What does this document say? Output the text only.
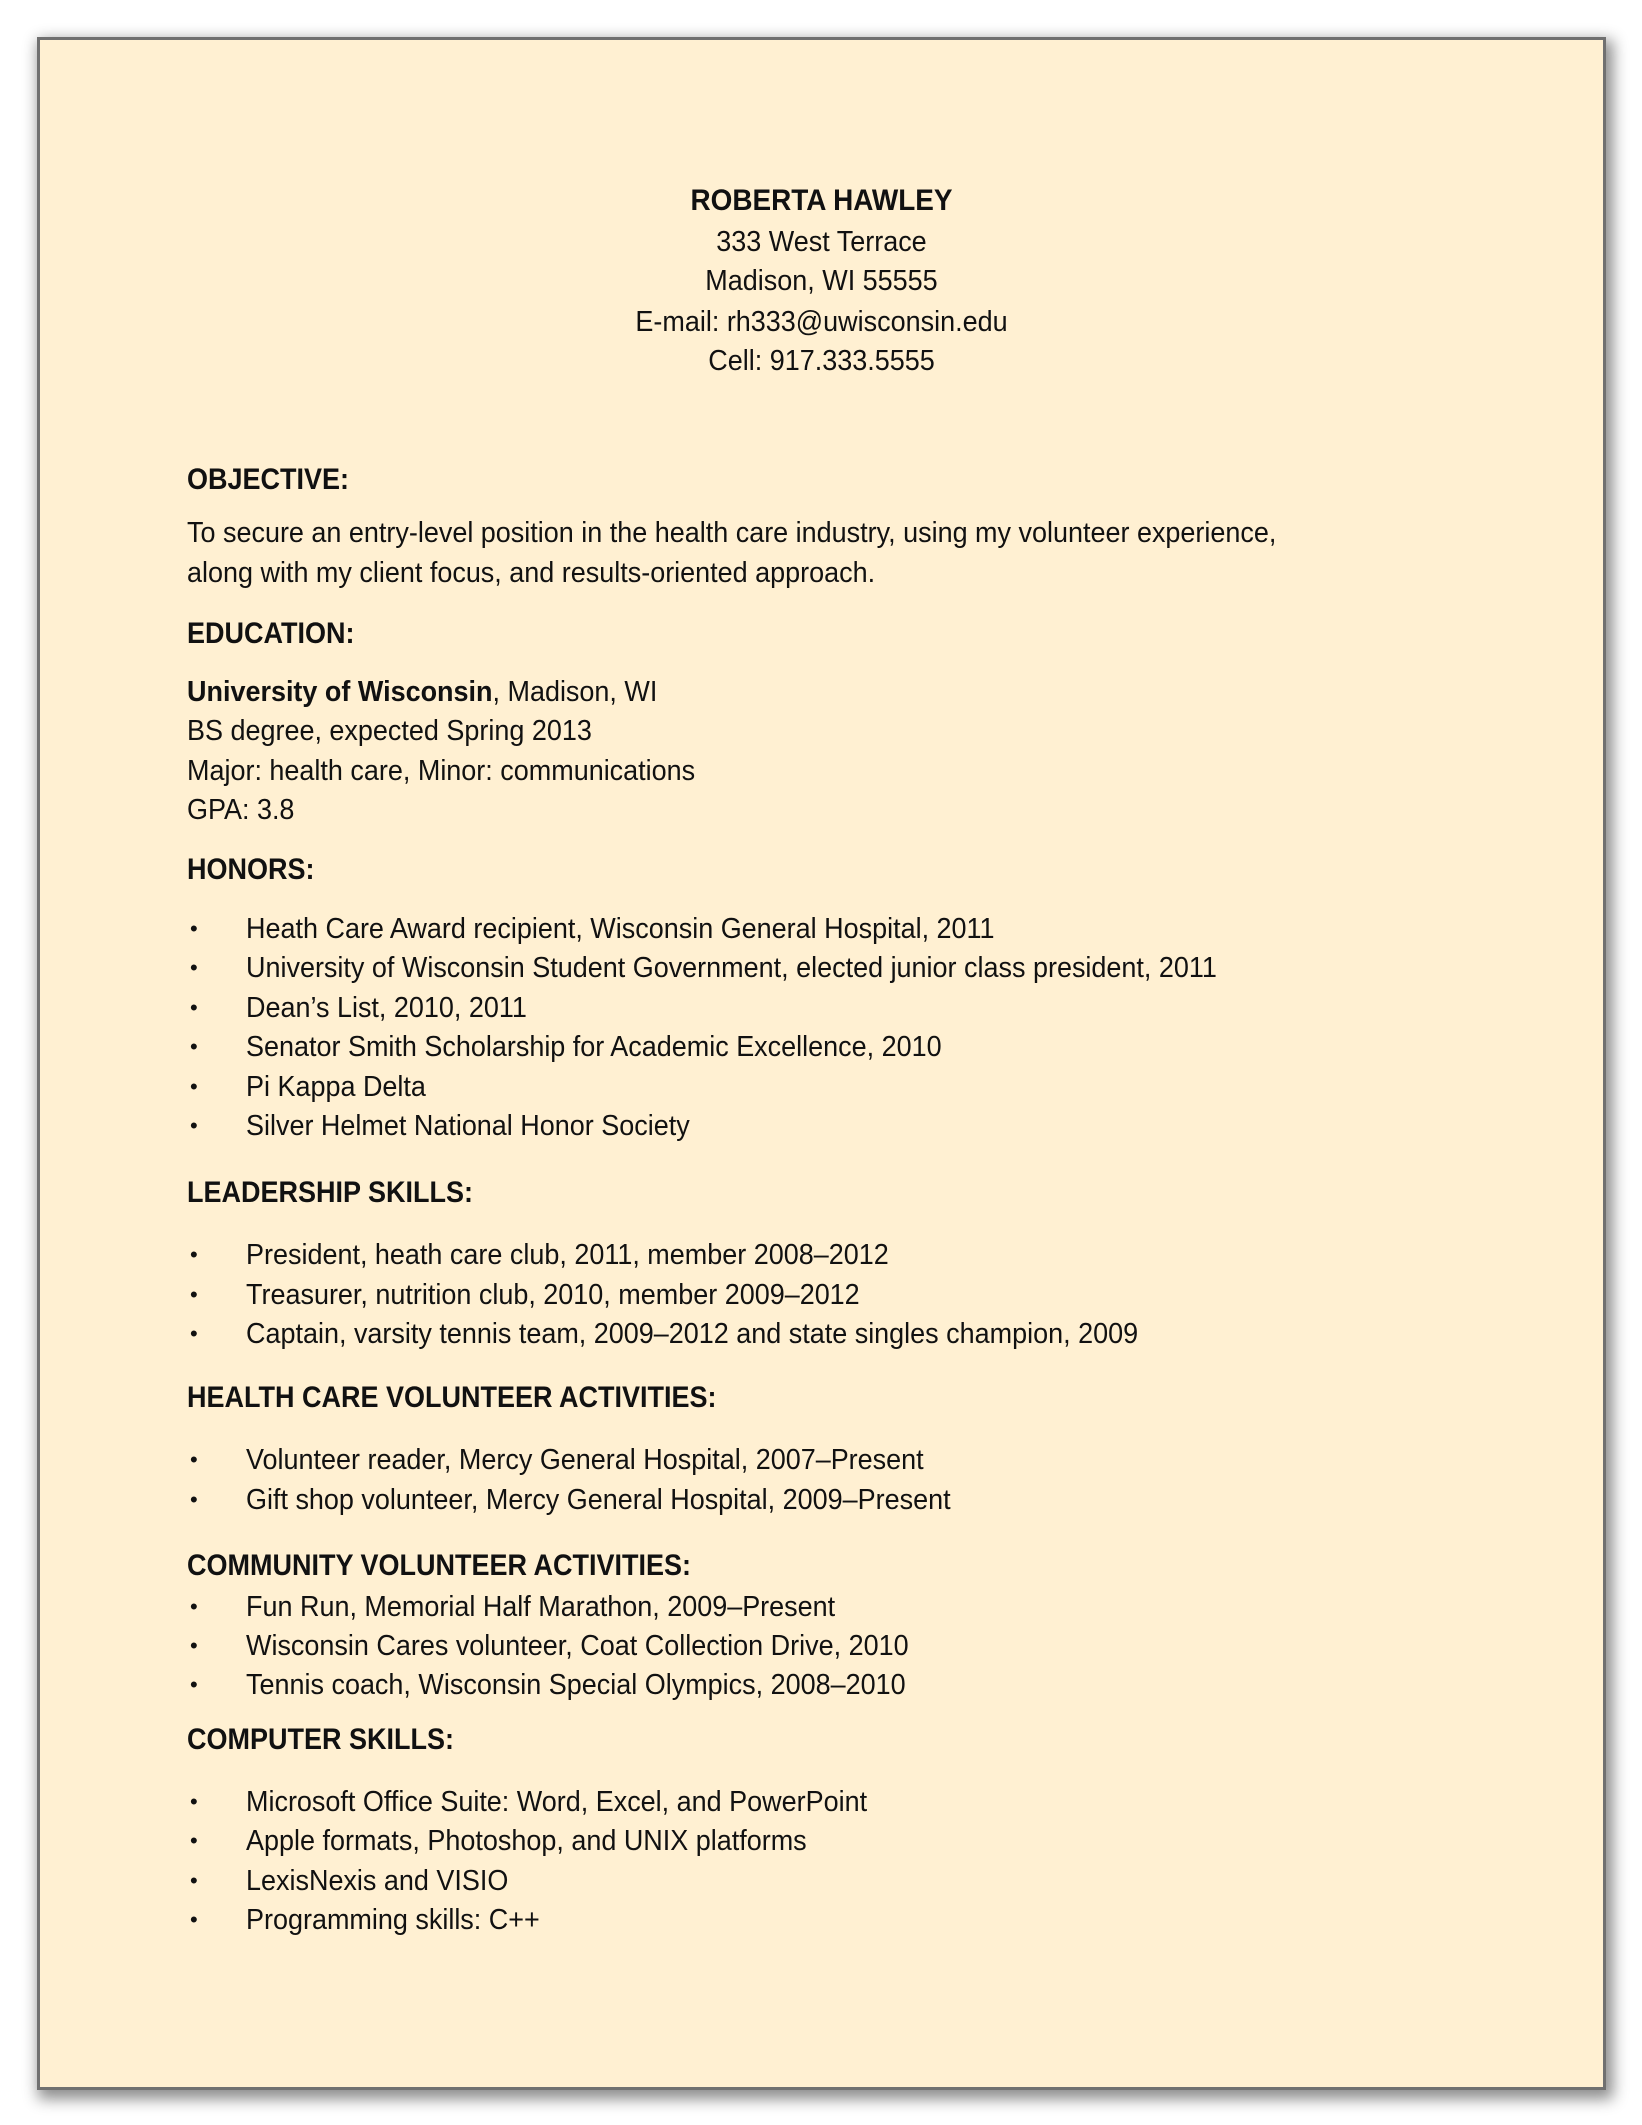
ROBERTA HAWLEY
333 West Terrace
Madison, WI 55555
E-mail: rh333@uwisconsin.edu
Cell: 917.333.5555
OBJECTIVE:
To secure an entry-level position in the health care industry, using my volunteer experience,
along with my client focus, and results-oriented approach.
EDUCATION:
University of Wisconsin, Madison, WI
BS degree, expected Spring 2013
Major: health care, Minor: communications
GPA: 3.8
HONORS:
• Heath Care Award recipient, Wisconsin General Hospital, 2011
• University of Wisconsin Student Government, elected junior class president, 2011
• Dean’s List, 2010, 2011
• Senator Smith Scholarship for Academic Excellence, 2010
• Pi Kappa Delta
• Silver Helmet National Honor Society
LEADERSHIP SKILLS:
• President, heath care club, 2011, member 2008–2012
• Treasurer, nutrition club, 2010, member 2009–2012
• Captain, varsity tennis team, 2009–2012 and state singles champion, 2009
HEALTH CARE VOLUNTEER ACTIVITIES:
• Volunteer reader, Mercy General Hospital, 2007–Present
• Gift shop volunteer, Mercy General Hospital, 2009–Present
COMMUNITY VOLUNTEER ACTIVITIES:
• Fun Run, Memorial Half Marathon, 2009–Present
• Wisconsin Cares volunteer, Coat Collection Drive, 2010
• Tennis coach, Wisconsin Special Olympics, 2008–2010
COMPUTER SKILLS:
• Microsoft Office Suite: Word, Excel, and PowerPoint
• Apple formats, Photoshop, and UNIX platforms
• LexisNexis and VISIO
• Programming skills: C++
